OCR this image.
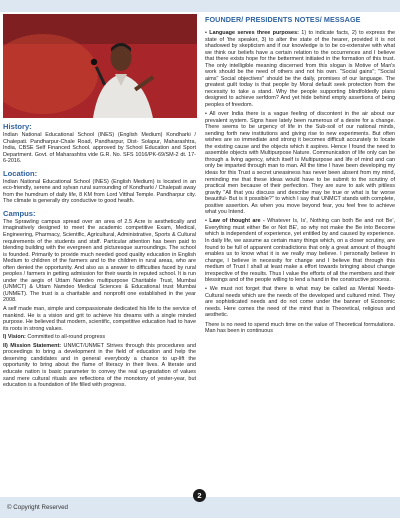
History:

Indian National Educational School (INES) (English Medium) Kondharki / Chalepati. Pandharpur-Chale Road, Pandharpur, Dist- Solapur, Maharashtra, India, CBSE Self Financed School. approved by School Education and Sport Department. Govt. of Maharashtra vide G.R. No. SFS 1016/PK-69/SM-2 dt. 17-6-2016.

Location:

Indian National Educational School (INES) (English Medium) is located in an eco-friendly, serene and sylvan rural surrounding of Kondharki / Chalepati away from the humdrum of daily life, 8 KM from Lord Vitthal Temple. Pandharpur city. The climate is generally dry conductive to good health.

Campus:

The Sprawling campus spread over an area of 2.5 Acre is aesthetically and imaginatively designed to meet the academic competitive Exam, Medical, Engineering, Pharmacy, Scientific, Agricultural, Administrative, Sports & Cultural requirements of the students and staff. Particular attention has been paid to blending building with the evergreen and picturesque surroundings. The school is founded. Primarily to provide much needed good quality education in English Medium to children of the farmers and to the children in rural areas, who are often denied the opportunity. And also as a answer to difficulties faced by rural peoples / farmers in getting admission for their wards in reputed school. It is run under the aegis of Uttam Namdeo multipurpose Charitable Trust, Mumbai (UNMCT) & Uttam Namdeo Medical Sciences & Educational trust Mumbai (UNMET). The trust is a charitable and nonprofit one established in the year 2008.

A self made man, simple and compassionate dedicated his life to the service of mankind. He is a vision and grit to achieve his dreams with a single minded purpose. He believed that modern, scientific, competitive education had to have its roots in strong values.

I) Vision: Committed to all-round progress

II) Mission Statement: UNMCT/UNMET Strives through this procedures and proceedings to bring a development in the field of education and help the deserving candidates and in general everybody a chance to up-lift the opportunity to bring about the flame of literacy in their lives. A literate and educate nation is basic parameter to convey the real up-gradation of values sand mere cultural rituals are reflections of the monotony of yester-year, but education is a foundation of life filled with progress.

FOUNDER/ PRESIDENTS NOTES/ MESSAGE

• Language serves three purposes: 1) to indicate facts, 2) to express the state of 'the speaker, 3) to alter the state of the hearer, provided it is not shadowed by skepticism and if our knowledge is to be co-extensive with what we think our beliefs have a certain relation to the occurrences and I believe that there exists hope for the betterment initiated in the formation of this trust. The only intelligible meaning discerned from this slogan is Motive of Man's work should be the need of others and not his own. "Social gains"; "Social aims" Social objectives" should be the daily, promises of our language. The greatest guilt today is that people by Moral default seek protection from the necessity to take a stand. Why the people supporting blindfoldedly plans designed to achieve serfdom? And yet hide behind empty assertions of being peoples of freedom.

• All over India there is a vague feeling of discontent in the air about our prevalent system. Signs have lately been numerous of a desire for a change. There seems to be urgency of life in the Sub-soil of our national minds, sending forth new institutions and giving rise to new experiments. But often wishes are so immediate and strong it becomes difficult accurately to locate the existing cause and the objects which it aspires. Hence I found the need to assemble objects with Multipurpose Nature. Communication of life only can be through a living agency, which itself is Multipurpose and life of mind and can only be imparted through man to man. All the time I have been developing my ideas for this Trust a secret uneasiness has never been absent from my mind, reminding me that these ideas would have to be submit to the scrutiny of practical men because of their perfection. They are sure to ask with pitiless gravity "All that you discuss and describe may be true or what is far worse beautiful- But is it possible?" to which I say that UNMCT stands with complete, positive assertion. As when you move beyond fear, you feel free to achieve what you Intend.

• Law of thought are - Whatever Is, Is', Nothing can both Be and not Be', Everything must either Be or Not BE', so why not make the Be into Become which is independent of experience, yet entitled by and caused by experience. In daily life, we assume as certain many things which, on a closer scrutiny, are found to be full of apparent contradictions that only a great amount of thought enables us to know what it is we really may believe. I personally believe in change, I believe in necessity for change and I believe that through this medium of Trust I shall at least make a effort towards bringing about change irrespective of the results. Thus I value the efforts of all the members and their blessings and of the people willing to lend a hand in the constructive process.

• We must not forget that there is what may be called as Mental Needs- Cultural needs which are the needs of the developed and cultured mind. They are sophisticated needs and do not come under the banner of Economic needs. Here comes the need of the mind that is Theoretical, religious and aesthetic.

There is no need to spend much time on the value of Theoretical formulations. Man has been in continuous

© Copyright Reserved
2
